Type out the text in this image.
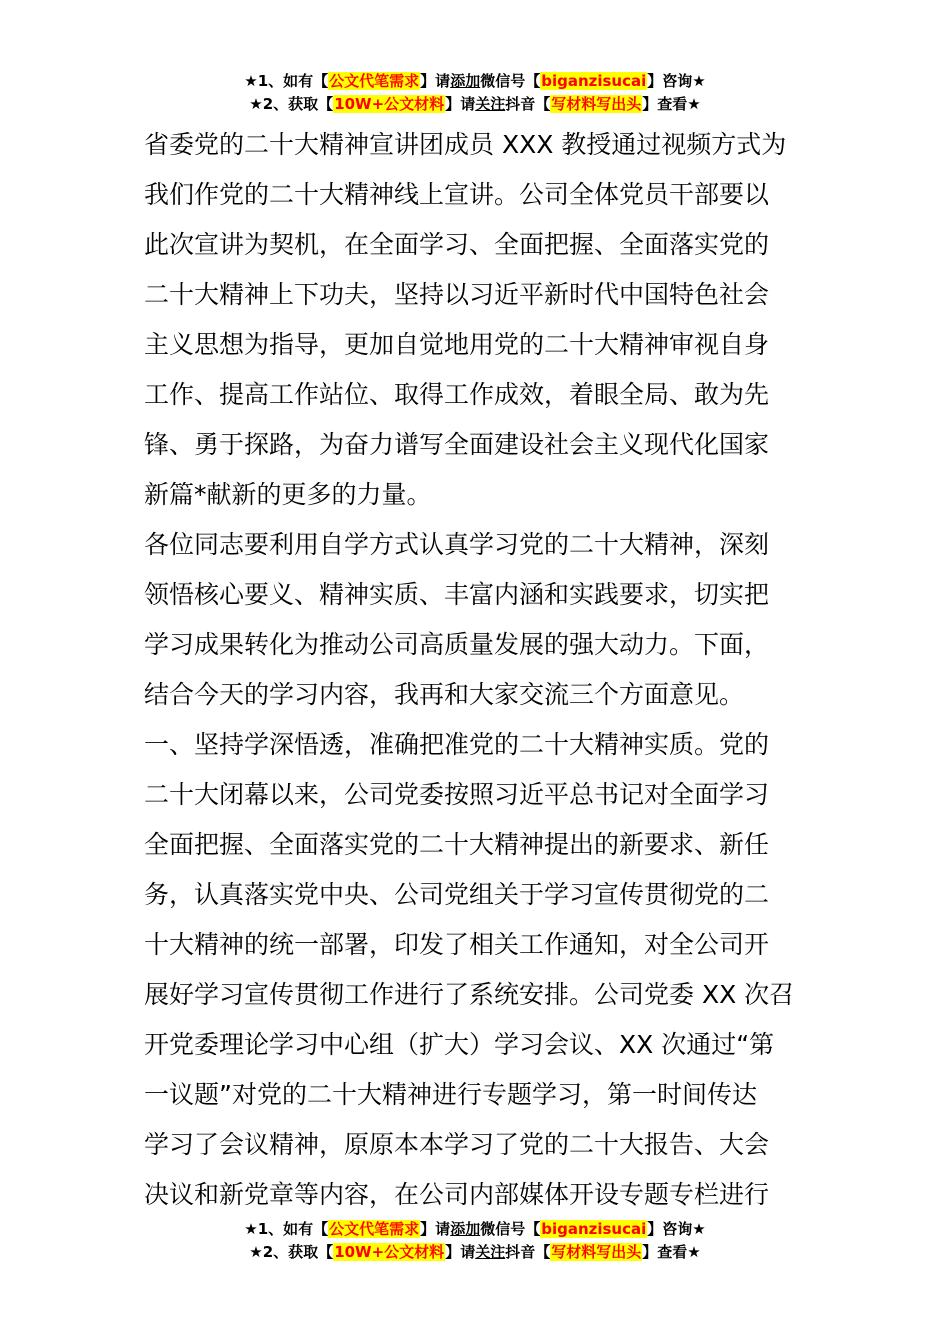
★1、如有【公文代笔需求】请添加微信号【biganzisucai】咨询★
★2、获取【10W+公文材料】请关注抖音【写材料写出头】查看★
省委党的二十大精神宣讲团成员 XXX 教授通过视频方式为
我们作党的二十大精神线上宣讲。公司全体党员干部要以
此次宣讲为契机，在全面学习、全面把握、全面落实党的
二十大精神上下功夫，坚持以习近平新时代中国特色社会
主义思想为指导，更加自觉地用党的二十大精神审视自身
工作、提高工作站位、取得工作成效，着眼全局、敢为先
锋、勇于探路，为奋力谱写全面建设社会主义现代化国家
新篇*献新的更多的力量。
各位同志要利用自学方式认真学习党的二十大精神，深刻
领悟核心要义、精神实质、丰富内涵和实践要求，切实把
学习成果转化为推动公司高质量发展的强大动力。下面，
结合今天的学习内容，我再和大家交流三个方面意见。
一、坚持学深悟透，准确把准党的二十大精神实质。党的
二十大闭幕以来，公司党委按照习近平总书记对全面学习
全面把握、全面落实党的二十大精神提出的新要求、新任
务，认真落实党中央、公司党组关于学习宣传贯彻党的二
十大精神的统一部署，印发了相关工作通知，对全公司开
展好学习宣传贯彻工作进行了系统安排。公司党委 XX 次召
开党委理论学习中心组（扩大）学习会议、XX 次通过“第
一议题”对党的二十大精神进行专题学习，第一时间传达
学习了会议精神，原原本本学习了党的二十大报告、大会
决议和新党章等内容，在公司内部媒体开设专题专栏进行
★1、如有【公文代笔需求】请添加微信号【biganzisucai】咨询★
★2、获取【10W+公文材料】请关注抖音【写材料写出头】查看★
